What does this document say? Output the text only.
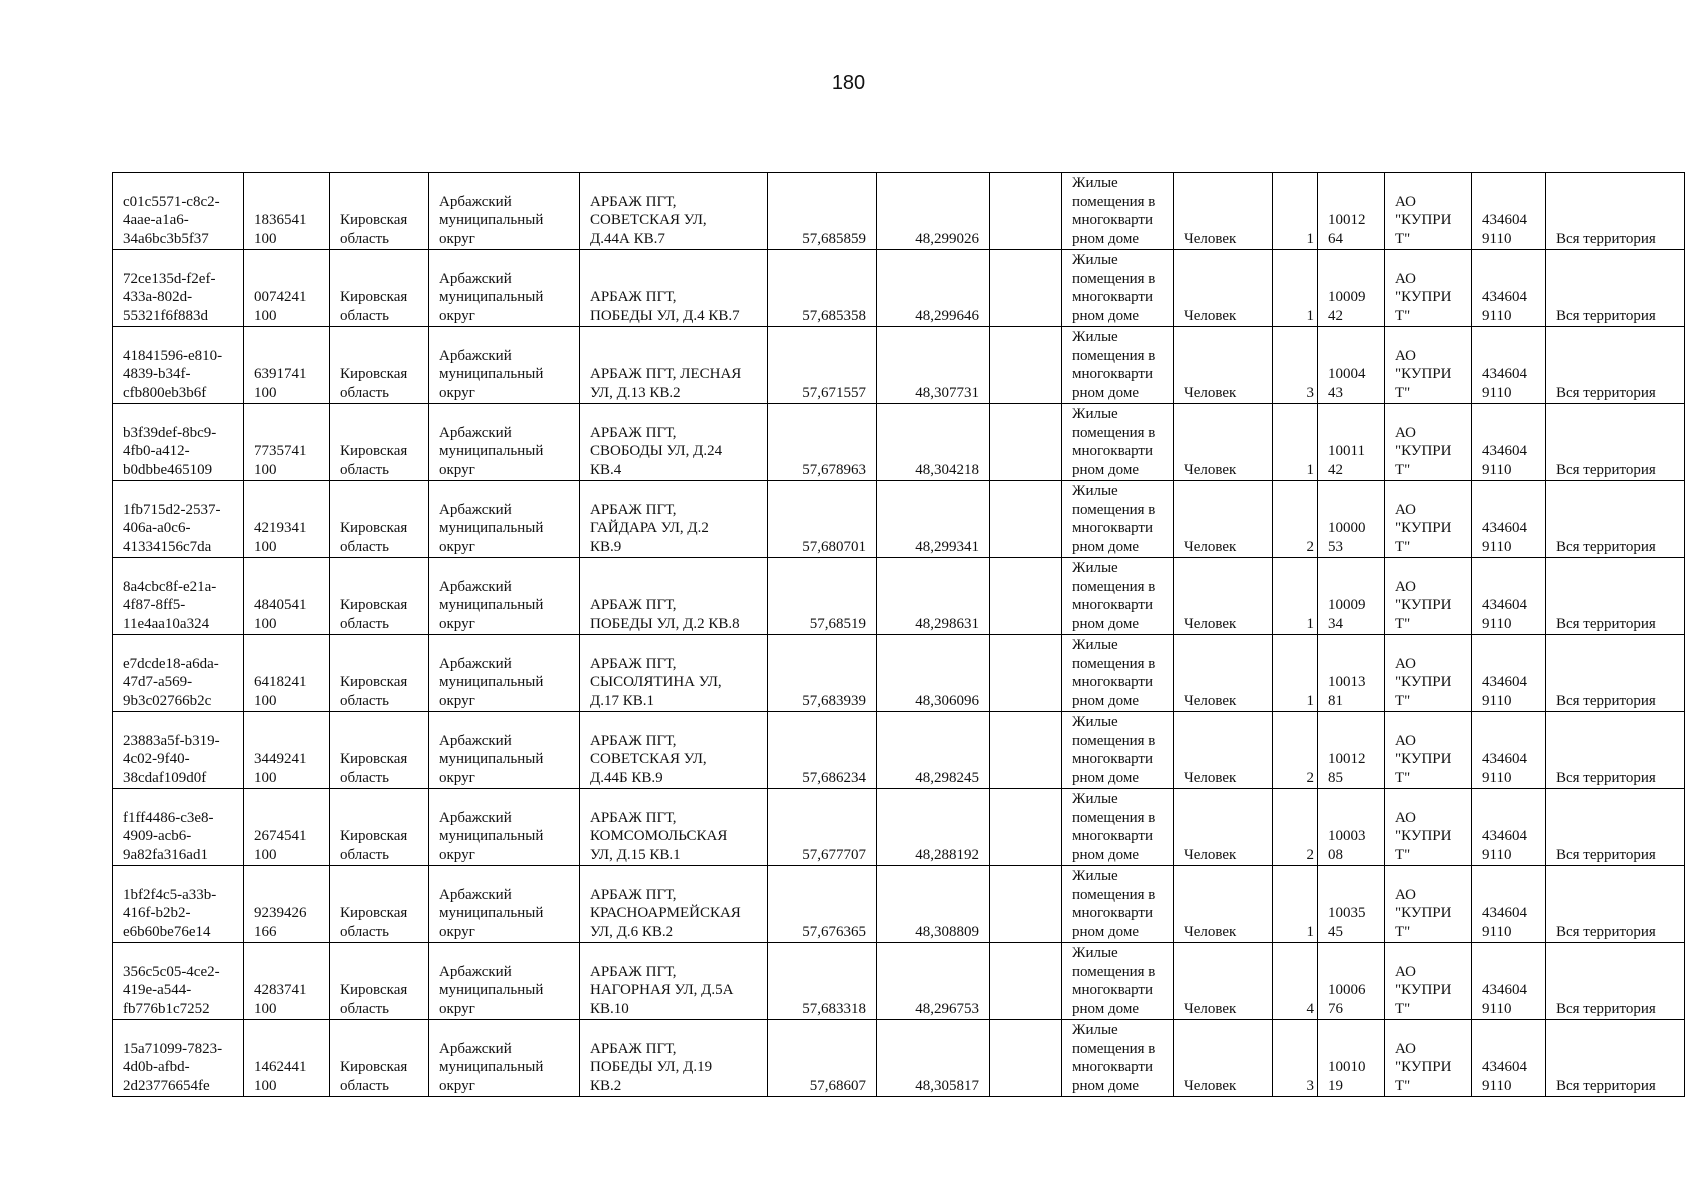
180
c01c5571-c8c2-
4aae-a1a6-
34a6bc3b5f37	1836541
100	Кировская
область	Арбажский
муниципальный
округ	АРБАЖ ПГТ,
СОВЕТСКАЯ УЛ,
Д.44А КВ.7	57,685859	48,299026		Жилые
помещения в
многокварти
рном доме	Человек	1	10012
64	АО
"КУПРИ
Т"	434604
9110	Вся территория
72ce135d-f2ef-
433a-802d-
55321f6f883d	0074241
100	Кировская
область	Арбажский
муниципальный
округ	АРБАЖ ПГТ,
ПОБЕДЫ УЛ, Д.4 КВ.7	57,685358	48,299646		Жилые
помещения в
многокварти
рном доме	Человек	1	10009
42	АО
"КУПРИ
Т"	434604
9110	Вся территория
41841596-e810-
4839-b34f-
cfb800eb3b6f	6391741
100	Кировская
область	Арбажский
муниципальный
округ	АРБАЖ ПГТ, ЛЕСНАЯ
УЛ, Д.13 КВ.2	57,671557	48,307731		Жилые
помещения в
многокварти
рном доме	Человек	3	10004
43	АО
"КУПРИ
Т"	434604
9110	Вся территория
b3f39def-8bc9-
4fb0-a412-
b0dbbe465109	7735741
100	Кировская
область	Арбажский
муниципальный
округ	АРБАЖ ПГТ,
СВОБОДЫ УЛ, Д.24
КВ.4	57,678963	48,304218		Жилые
помещения в
многокварти
рном доме	Человек	1	10011
42	АО
"КУПРИ
Т"	434604
9110	Вся территория
1fb715d2-2537-
406a-a0c6-
41334156c7da	4219341
100	Кировская
область	Арбажский
муниципальный
округ	АРБАЖ ПГТ,
ГАЙДАРА УЛ, Д.2
КВ.9	57,680701	48,299341		Жилые
помещения в
многокварти
рном доме	Человек	2	10000
53	АО
"КУПРИ
Т"	434604
9110	Вся территория
8a4cbc8f-e21a-
4f87-8ff5-
11e4aa10a324	4840541
100	Кировская
область	Арбажский
муниципальный
округ	АРБАЖ ПГТ,
ПОБЕДЫ УЛ, Д.2 КВ.8	57,68519	48,298631		Жилые
помещения в
многокварти
рном доме	Человек	1	10009
34	АО
"КУПРИ
Т"	434604
9110	Вся территория
e7dcde18-a6da-
47d7-a569-
9b3c02766b2c	6418241
100	Кировская
область	Арбажский
муниципальный
округ	АРБАЖ ПГТ,
СЫСОЛЯТИНА УЛ,
Д.17 КВ.1	57,683939	48,306096		Жилые
помещения в
многокварти
рном доме	Человек	1	10013
81	АО
"КУПРИ
Т"	434604
9110	Вся территория
23883a5f-b319-
4c02-9f40-
38cdaf109d0f	3449241
100	Кировская
область	Арбажский
муниципальный
округ	АРБАЖ ПГТ,
СОВЕТСКАЯ УЛ,
Д.44Б КВ.9	57,686234	48,298245		Жилые
помещения в
многокварти
рном доме	Человек	2	10012
85	АО
"КУПРИ
Т"	434604
9110	Вся территория
f1ff4486-c3e8-
4909-acb6-
9a82fa316ad1	2674541
100	Кировская
область	Арбажский
муниципальный
округ	АРБАЖ ПГТ,
КОМСОМОЛЬСКАЯ
УЛ, Д.15 КВ.1	57,677707	48,288192		Жилые
помещения в
многокварти
рном доме	Человек	2	10003
08	АО
"КУПРИ
Т"	434604
9110	Вся территория
1bf2f4c5-a33b-
416f-b2b2-
e6b60be76e14	9239426
166	Кировская
область	Арбажский
муниципальный
округ	АРБАЖ ПГТ,
КРАСНОАРМЕЙСКАЯ
УЛ, Д.6 КВ.2	57,676365	48,308809		Жилые
помещения в
многокварти
рном доме	Человек	1	10035
45	АО
"КУПРИ
Т"	434604
9110	Вся территория
356c5c05-4ce2-
419e-a544-
fb776b1c7252	4283741
100	Кировская
область	Арбажский
муниципальный
округ	АРБАЖ ПГТ,
НАГОРНАЯ УЛ, Д.5А
КВ.10	57,683318	48,296753		Жилые
помещения в
многокварти
рном доме	Человек	4	10006
76	АО
"КУПРИ
Т"	434604
9110	Вся территория
15a71099-7823-
4d0b-afbd-
2d23776654fe	1462441
100	Кировская
область	Арбажский
муниципальный
округ	АРБАЖ ПГТ,
ПОБЕДЫ УЛ, Д.19
КВ.2	57,68607	48,305817		Жилые
помещения в
многокварти
рном доме	Человек	3	10010
19	АО
"КУПРИ
Т"	434604
9110	Вся территория
